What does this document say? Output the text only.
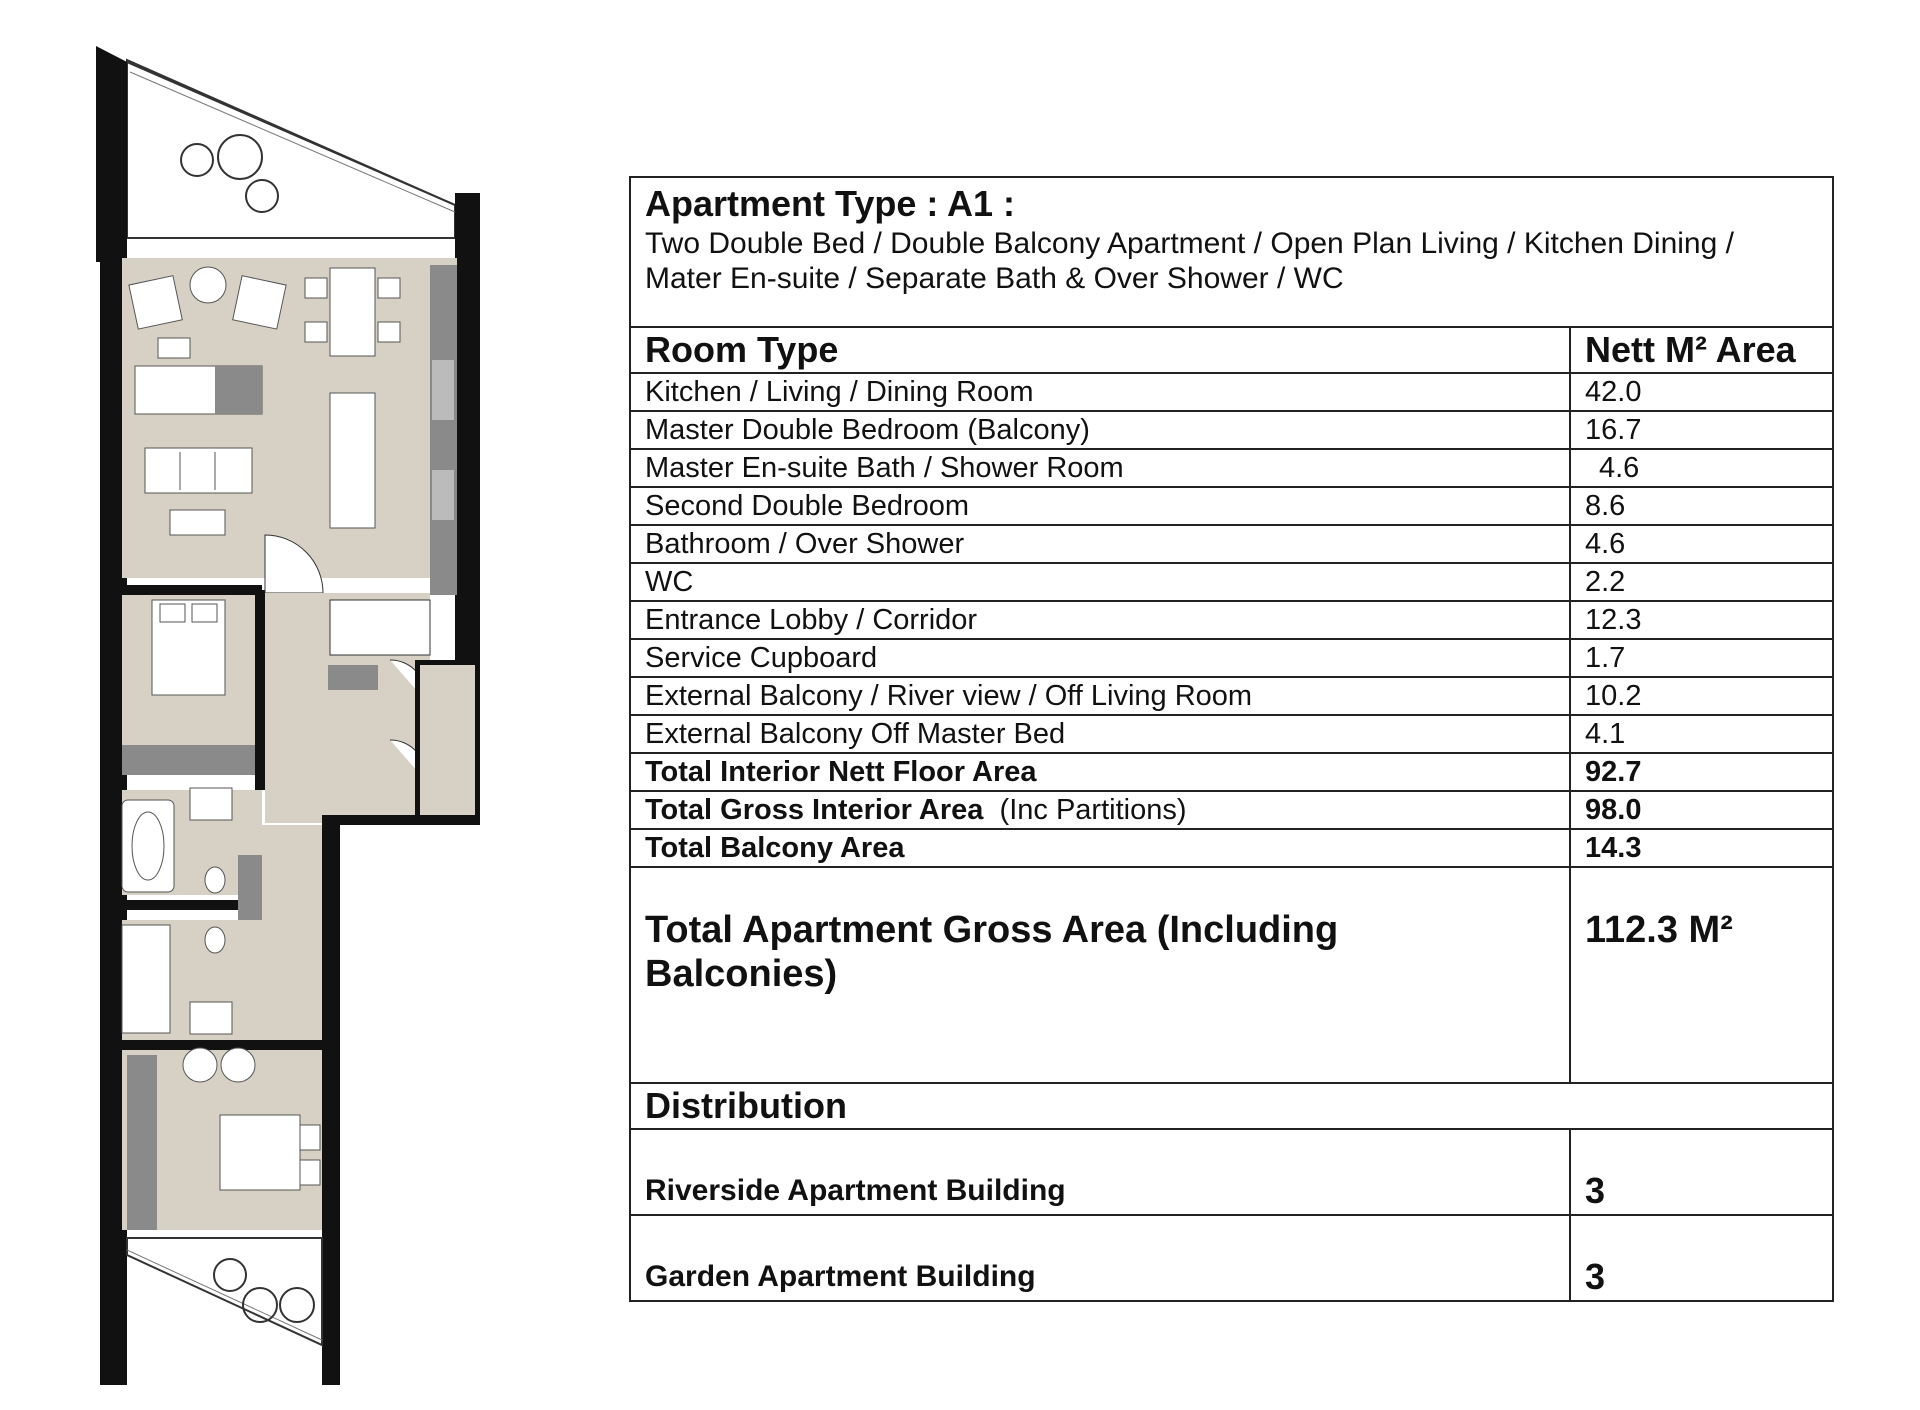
Apartment Type : A1 :
Two Double Bed / Double Balcony Apartment / Open Plan Living / Kitchen Dining /
Mater En-suite / Separate Bath & Over Shower / WC
Room Type	Nett M² Area
Kitchen / Living / Dining Room	42.0
Master Double Bedroom (Balcony)	16.7
Master En-suite Bath / Shower Room	4.6
Second Double Bedroom	8.6
Bathroom / Over Shower	4.6
WC	2.2
Entrance Lobby / Corridor	12.3
Service Cupboard	1.7
External Balcony / River view / Off Living Room	10.2
External Balcony Off Master Bed	4.1
Total Interior Nett Floor Area	92.7
Total Gross Interior Area (Inc Partitions)	98.0
Total Balcony Area	14.3
Total Apartment Gross Area (Including Balconies)	112.3 M²
Distribution	
Riverside Apartment Building	3
Garden Apartment Building	3
